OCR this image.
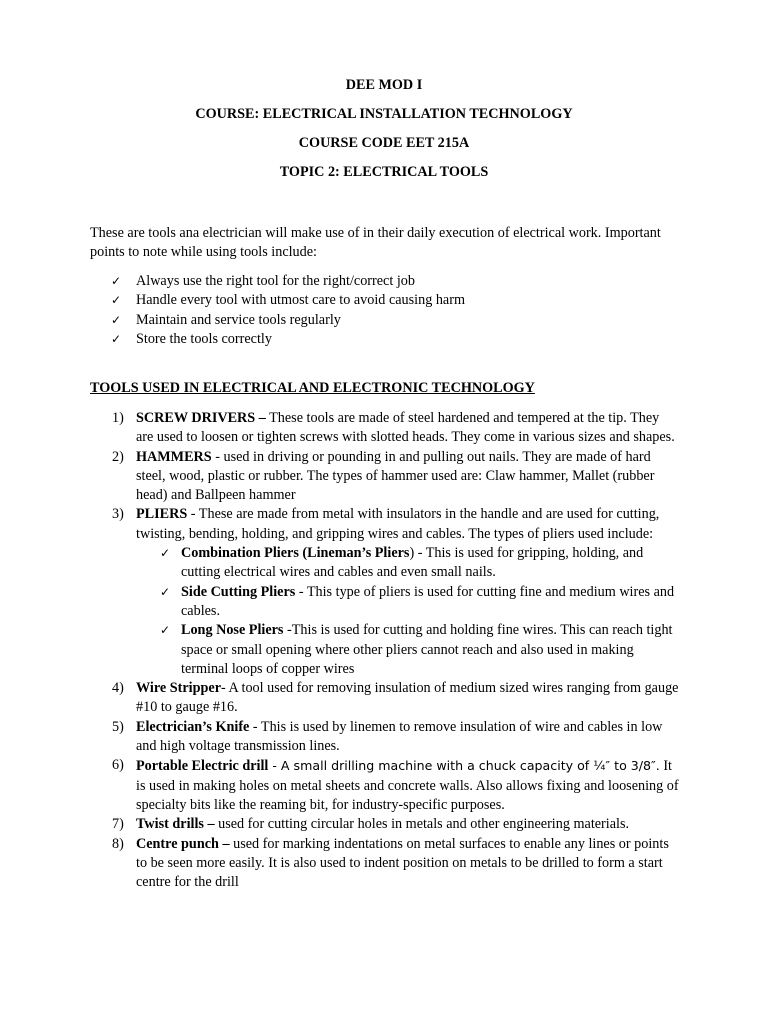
DEE MOD I

COURSE: ELECTRICAL INSTALLATION TECHNOLOGY

COURSE CODE EET 215A

TOPIC 2: ELECTRICAL TOOLS

These are tools ana electrician will make use of in their daily execution of electrical work. Important points to note while using tools include:

✓ Always use the right tool for the right/correct job
✓ Handle every tool with utmost care to avoid causing harm
✓ Maintain and service tools regularly
✓ Store the tools correctly

TOOLS USED IN ELECTRICAL AND ELECTRONIC TECHNOLOGY

1) SCREW DRIVERS – These tools are made of steel hardened and tempered at the tip. They are used to loosen or tighten screws with slotted heads. They come in various sizes and shapes.
2) HAMMERS - used in driving or pounding in and pulling out nails. They are made of hard steel, wood, plastic or rubber. The types of hammer used are: Claw hammer, Mallet (rubber head) and Ballpeen hammer
3) PLIERS - These are made from metal with insulators in the handle and are used for cutting, twisting, bending, holding, and gripping wires and cables. The types of pliers used include:
✓ Combination Pliers (Lineman’s Pliers) - This is used for gripping, holding, and cutting electrical wires and cables and even small nails.
✓ Side Cutting Pliers - This type of pliers is used for cutting fine and medium wires and cables.
✓ Long Nose Pliers -This is used for cutting and holding fine wires. This can reach tight space or small opening where other pliers cannot reach and also used in making terminal loops of copper wires
4) Wire Stripper- A tool used for removing insulation of medium sized wires ranging from gauge #10 to gauge #16.
5) Electrician’s Knife - This is used by linemen to remove insulation of wire and cables in low and high voltage transmission lines.
6) Portable Electric drill - A small drilling machine with a chuck capacity of ¼″ to 3/8″. It is used in making holes on metal sheets and concrete walls. Also allows fixing and loosening of specialty bits like the reaming bit, for industry-specific purposes.
7) Twist drills – used for cutting circular holes in metals and other engineering materials.
8) Centre punch – used for marking indentations on metal surfaces to enable any lines or points to be seen more easily. It is also used to indent position on metals to be drilled to form a start centre for the drill
